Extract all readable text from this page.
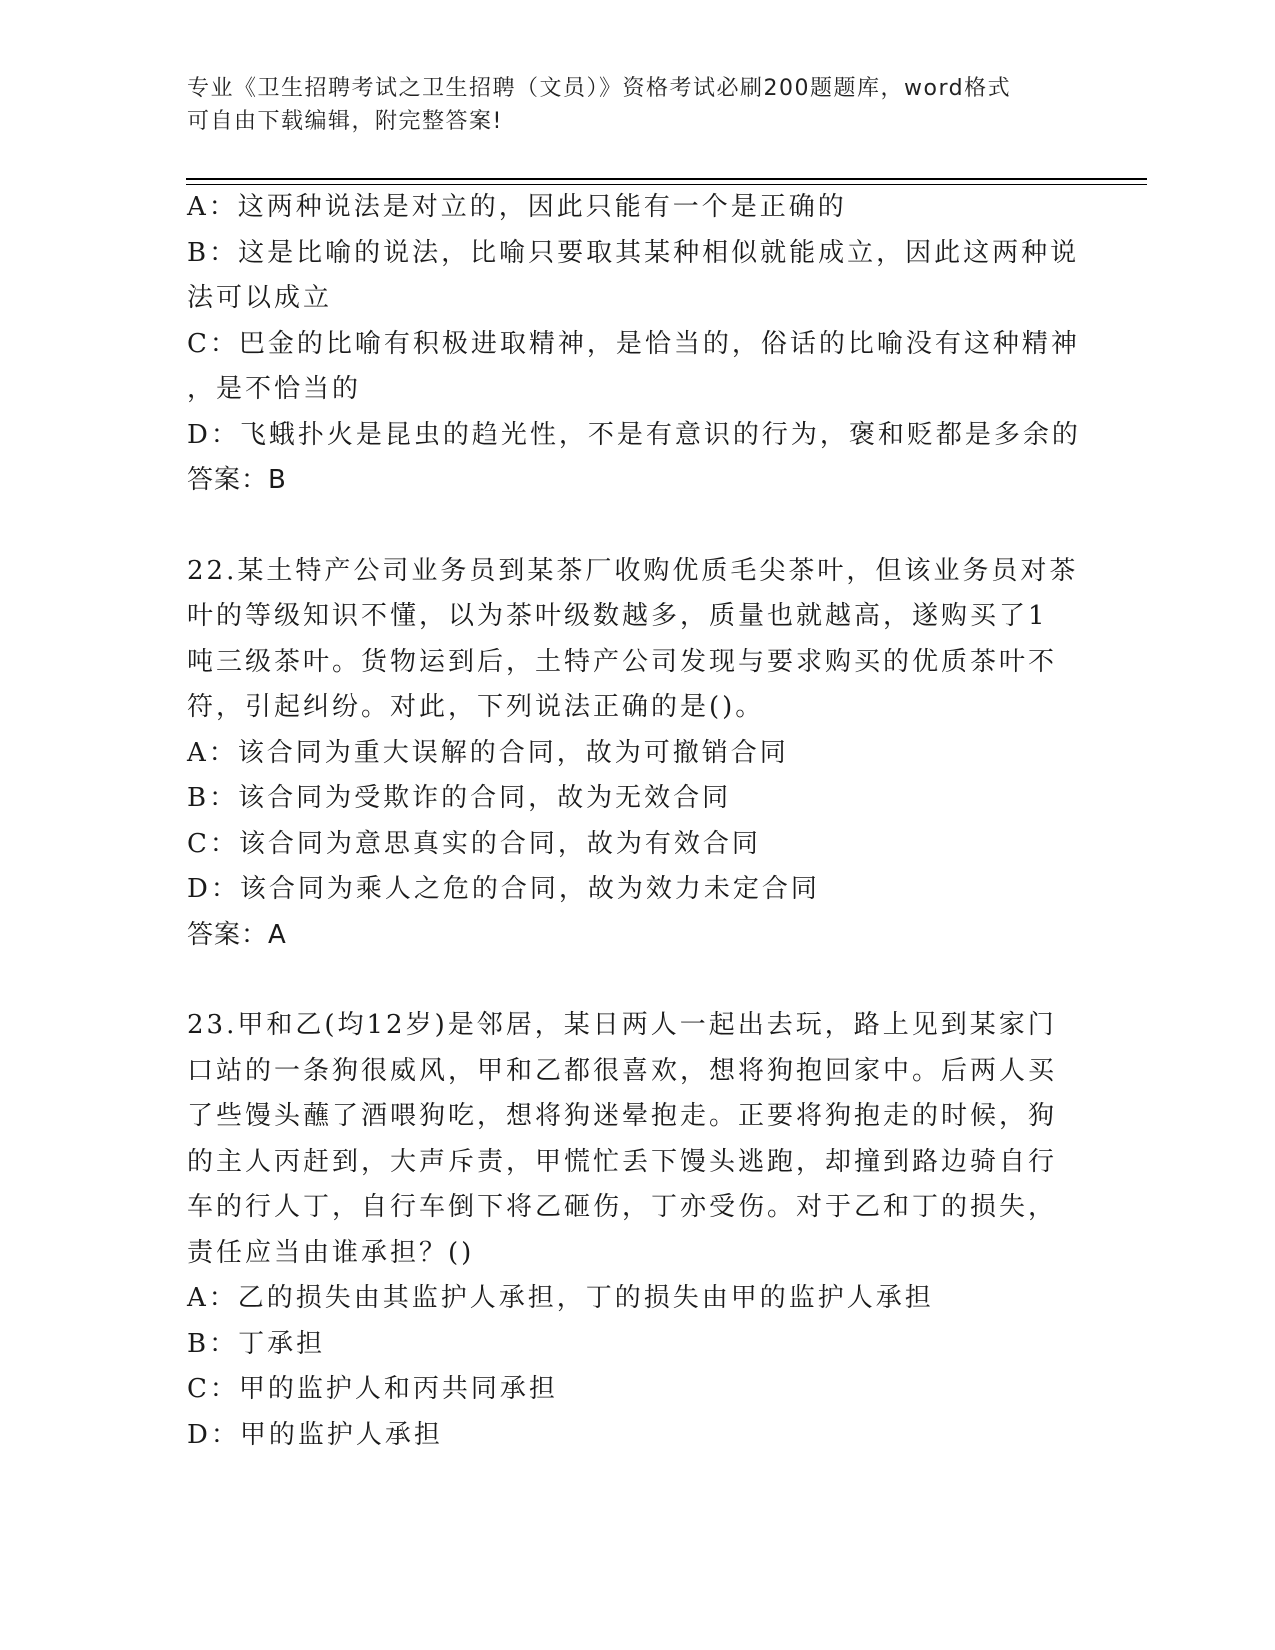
专业《卫生招聘考试之卫生招聘（文员）》资格考试必刷200题题库，word格式
可自由下载编辑，附完整答案!
A：这两种说法是对立的，因此只能有一个是正确的
B：这是比喻的说法，比喻只要取其某种相似就能成立，因此这两种说
法可以成立
C：巴金的比喻有积极进取精神，是恰当的，俗话的比喻没有这种精神
，是不恰当的
D：飞蛾扑火是昆虫的趋光性，不是有意识的行为，褒和贬都是多余的
答案：B
22.某土特产公司业务员到某茶厂收购优质毛尖茶叶，但该业务员对茶
叶的等级知识不懂，以为茶叶级数越多，质量也就越高，遂购买了1
吨三级茶叶。货物运到后，土特产公司发现与要求购买的优质茶叶不
符，引起纠纷。对此，下列说法正确的是()。
A：该合同为重大误解的合同，故为可撤销合同
B：该合同为受欺诈的合同，故为无效合同
C：该合同为意思真实的合同，故为有效合同
D：该合同为乘人之危的合同，故为效力未定合同
答案：A
23.甲和乙(均12岁)是邻居，某日两人一起出去玩，路上见到某家门
口站的一条狗很威风，甲和乙都很喜欢，想将狗抱回家中。后两人买
了些馒头蘸了酒喂狗吃，想将狗迷晕抱走。正要将狗抱走的时候，狗
的主人丙赶到，大声斥责，甲慌忙丢下馒头逃跑，却撞到路边骑自行
车的行人丁，自行车倒下将乙砸伤，丁亦受伤。对于乙和丁的损失，
责任应当由谁承担？()
A：乙的损失由其监护人承担，丁的损失由甲的监护人承担
B：丁承担
C：甲的监护人和丙共同承担
D：甲的监护人承担
